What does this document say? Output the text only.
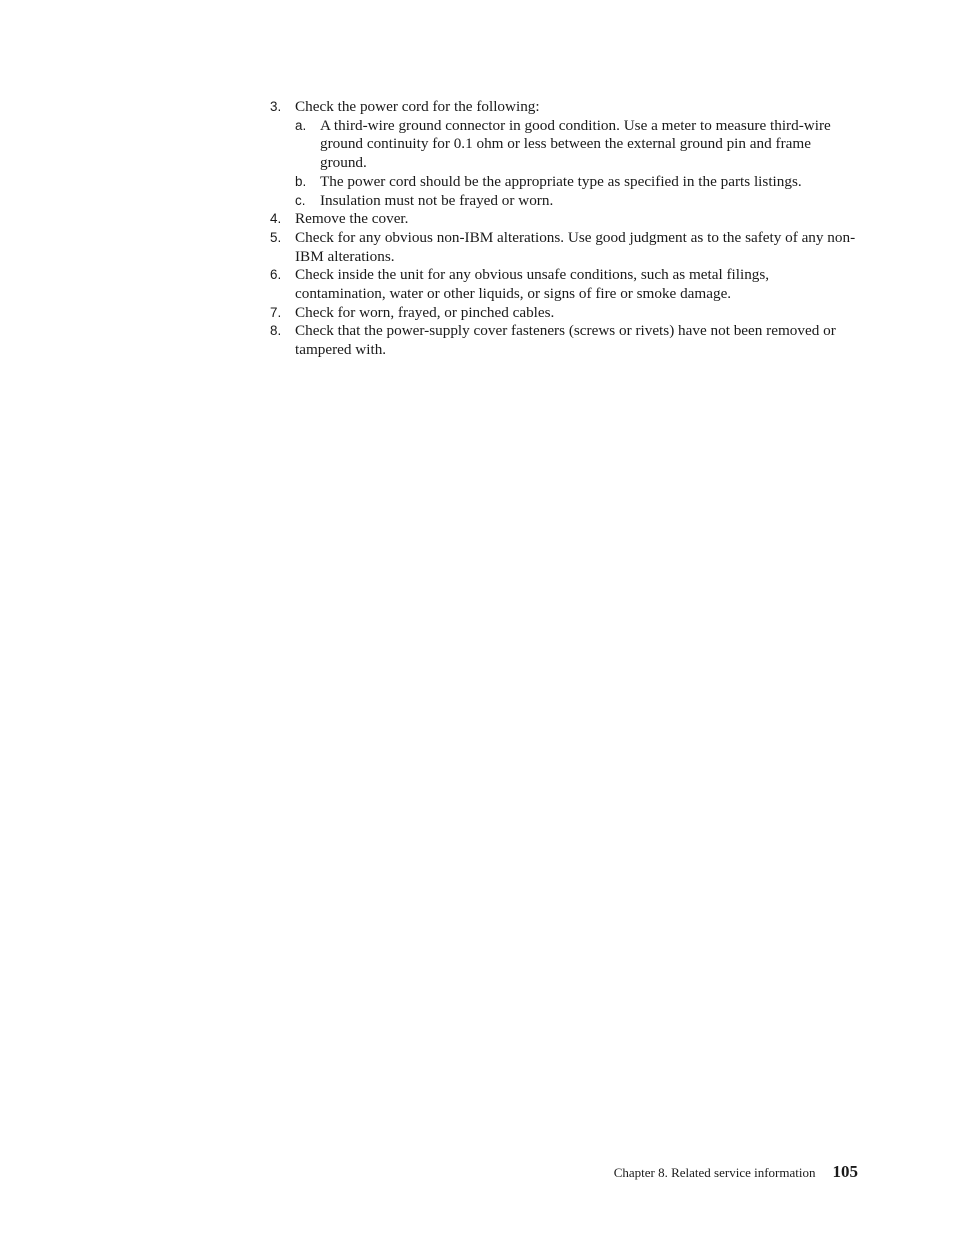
3. Check the power cord for the following:
a. A third-wire ground connector in good condition. Use a meter to measure third-wire ground continuity for 0.1 ohm or less between the external ground pin and frame ground.
b. The power cord should be the appropriate type as specified in the parts listings.
c. Insulation must not be frayed or worn.
4. Remove the cover.
5. Check for any obvious non-IBM alterations. Use good judgment as to the safety of any non-IBM alterations.
6. Check inside the unit for any obvious unsafe conditions, such as metal filings, contamination, water or other liquids, or signs of fire or smoke damage.
7. Check for worn, frayed, or pinched cables.
8. Check that the power-supply cover fasteners (screws or rivets) have not been removed or tampered with.
Chapter 8. Related service information 105
